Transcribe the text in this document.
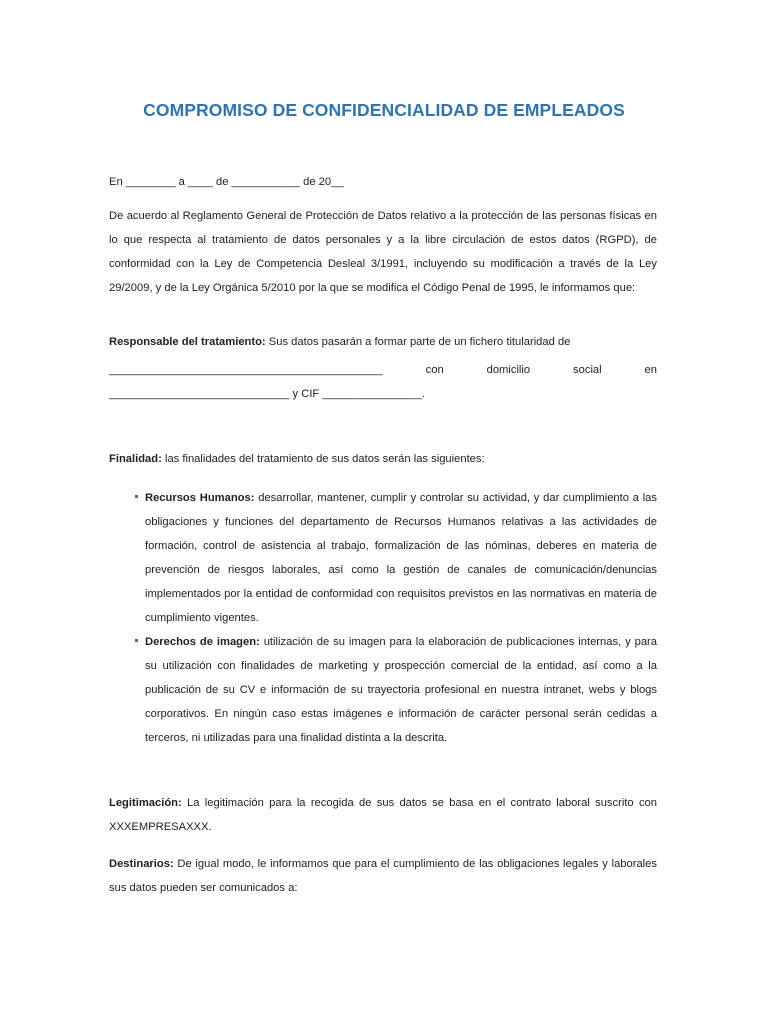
COMPROMISO DE CONFIDENCIALIDAD DE EMPLEADOS
En ________ a ____ de ___________ de 20__
De acuerdo al Reglamento General de Protección de Datos relativo a la protección de las personas físicas en lo que respecta al tratamiento de datos personales y a la libre circulación de estos datos (RGPD), de conformidad con la Ley de Competencia Desleal 3/1991, incluyendo su modificación a través de la Ley 29/2009, y de la Ley Orgánica 5/2010 por la que se modifica el Código Penal de 1995, le informamos que:
Responsable del tratamiento: Sus datos pasarán a formar parte de un fichero titularidad de
____________________________________________	con	domicilio	social	en
_____________________________ y CIF ________________.
Finalidad: las finalidades del tratamiento de sus datos serán las siguientes:
Recursos Humanos: desarrollar, mantener, cumplir y controlar su actividad, y dar cumplimiento a las obligaciones y funciones del departamento de Recursos Humanos relativas a las actividades de formación, control de asistencia al trabajo, formalización de las nóminas, deberes en materia de prevención de riesgos laborales, así como la gestión de canales de comunicación/denuncias implementados por la entidad de conformidad con requisitos previstos en las normativas en materia de cumplimiento vigentes.
Derechos de imagen: utilización de su imagen para la elaboración de publicaciones internas, y para su utilización con finalidades de marketing y prospección comercial de la entidad, así como a la publicación de su CV e información de su trayectoria profesional en nuestra intranet, webs y blogs corporativos. En ningún caso estas imágenes e información de carácter personal serán cedidas a terceros, ni utilizadas para una finalidad distinta a la descrita.
Legitimación: La legitimación para la recogida de sus datos se basa en el contrato laboral suscrito con XXXEMPRESAXXX.
Destinarios: De igual modo, le informamos que para el cumplimiento de las obligaciones legales y laborales sus datos pueden ser comunicados a:
